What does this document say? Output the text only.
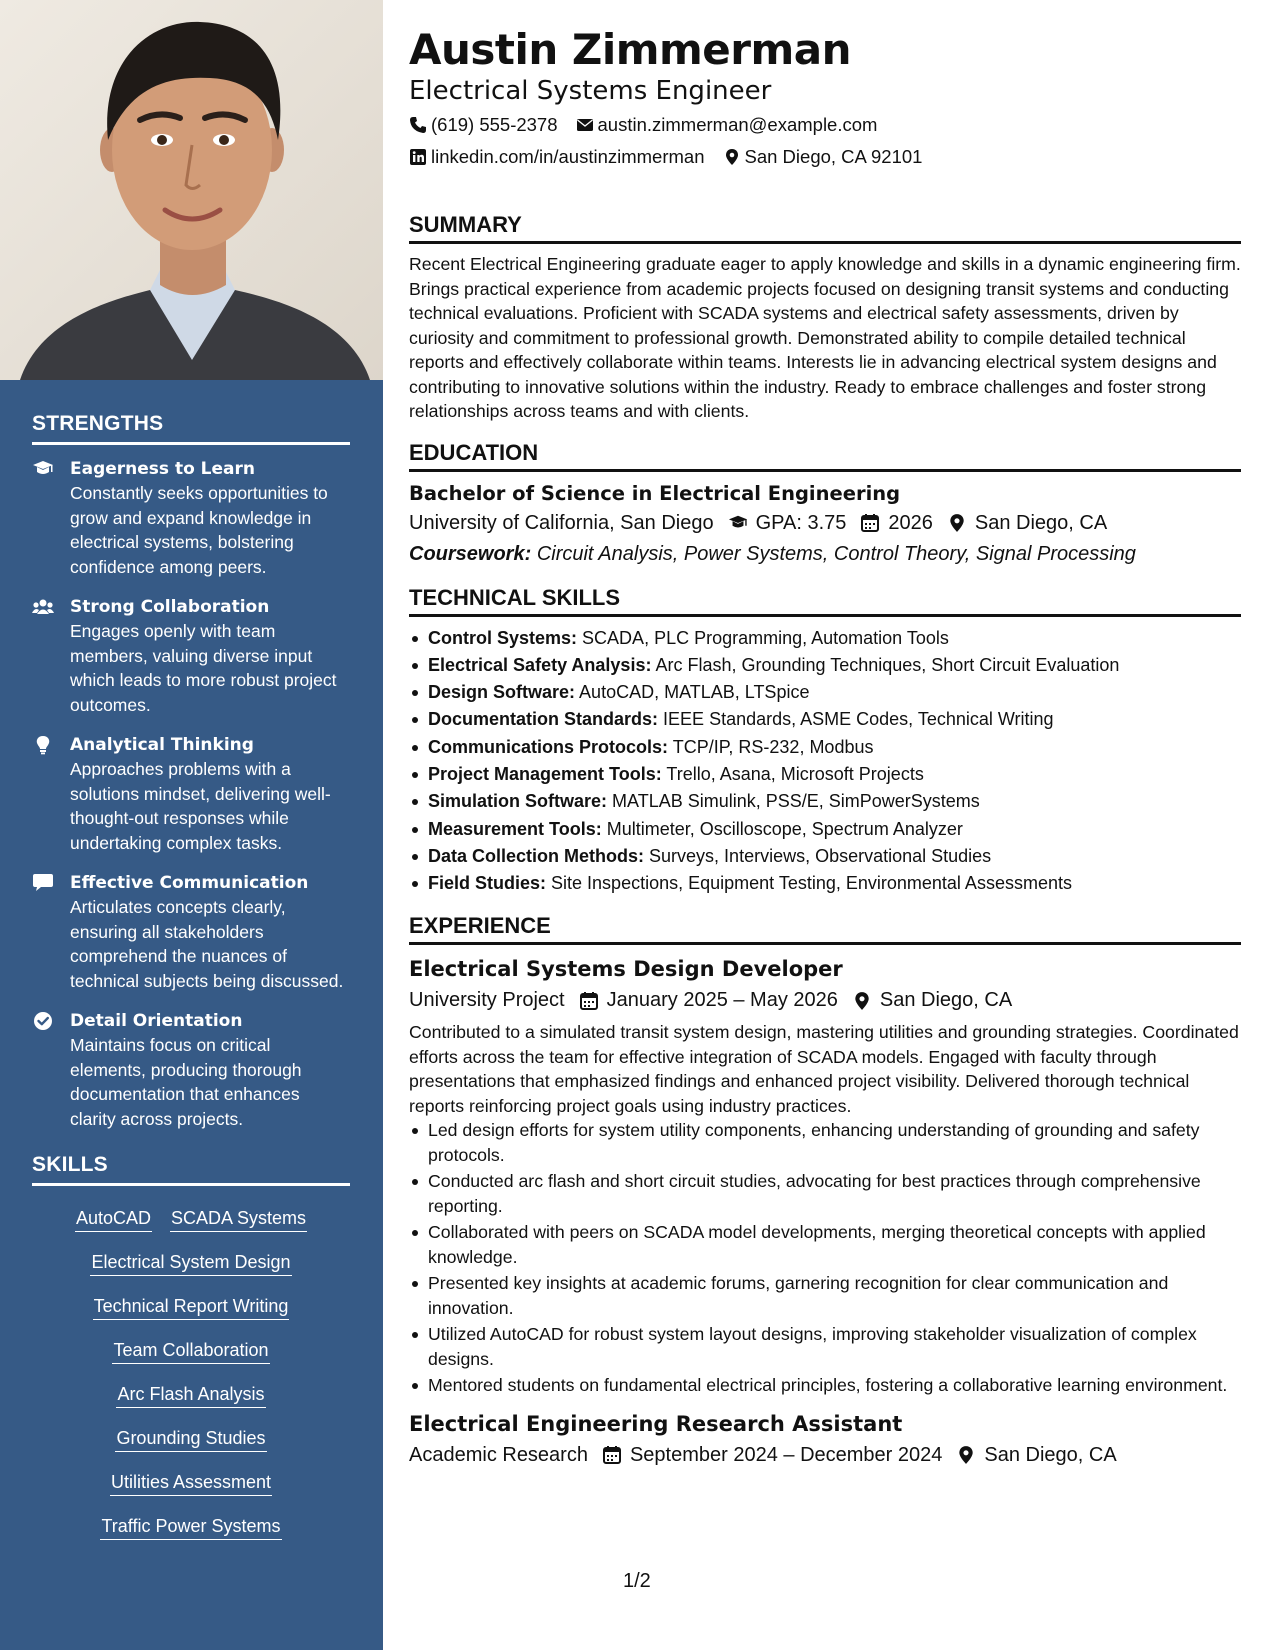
STRENGTHS
Eagerness to Learn
Constantly seeks opportunities to grow and expand knowledge in electrical systems, bolstering confidence among peers.
Strong Collaboration
Engages openly with team members, valuing diverse input which leads to more robust project outcomes.
Analytical Thinking
Approaches problems with a solutions mindset, delivering well-thought-out responses while undertaking complex tasks.
Effective Communication
Articulates concepts clearly, ensuring all stakeholders comprehend the nuances of technical subjects being discussed.
Detail Orientation
Maintains focus on critical elements, producing thorough documentation that enhances clarity across projects.
SKILLS
AutoCAD SCADA Systems
Electrical System Design
Technical Report Writing
Team Collaboration
Arc Flash Analysis
Grounding Studies
Utilities Assessment
Traffic Power Systems
Austin Zimmerman
Electrical Systems Engineer
(619) 555-2378 austin.zimmerman@example.com
linkedin.com/in/austinzimmerman San Diego, CA 92101
SUMMARY
Recent Electrical Engineering graduate eager to apply knowledge and skills in a dynamic engineering firm. Brings practical experience from academic projects focused on designing transit systems and conducting technical evaluations. Proficient with SCADA systems and electrical safety assessments, driven by curiosity and commitment to professional growth. Demonstrated ability to compile detailed technical reports and effectively collaborate within teams. Interests lie in advancing electrical system designs and contributing to innovative solutions within the industry. Ready to embrace challenges and foster strong relationships across teams and with clients.
EDUCATION
Bachelor of Science in Electrical Engineering
University of California, San Diego GPA: 3.75 2026 San Diego, CA
Coursework: Circuit Analysis, Power Systems, Control Theory, Signal Processing
TECHNICAL SKILLS
Control Systems: SCADA, PLC Programming, Automation Tools
Electrical Safety Analysis: Arc Flash, Grounding Techniques, Short Circuit Evaluation
Design Software: AutoCAD, MATLAB, LTSpice
Documentation Standards: IEEE Standards, ASME Codes, Technical Writing
Communications Protocols: TCP/IP, RS-232, Modbus
Project Management Tools: Trello, Asana, Microsoft Projects
Simulation Software: MATLAB Simulink, PSS/E, SimPowerSystems
Measurement Tools: Multimeter, Oscilloscope, Spectrum Analyzer
Data Collection Methods: Surveys, Interviews, Observational Studies
Field Studies: Site Inspections, Equipment Testing, Environmental Assessments
EXPERIENCE
Electrical Systems Design Developer
University Project January 2025 – May 2026 San Diego, CA
Contributed to a simulated transit system design, mastering utilities and grounding strategies. Coordinated efforts across the team for effective integration of SCADA models. Engaged with faculty through presentations that emphasized findings and enhanced project visibility. Delivered thorough technical reports reinforcing project goals using industry practices.
Led design efforts for system utility components, enhancing understanding of grounding and safety protocols.
Conducted arc flash and short circuit studies, advocating for best practices through comprehensive reporting.
Collaborated with peers on SCADA model developments, merging theoretical concepts with applied knowledge.
Presented key insights at academic forums, garnering recognition for clear communication and innovation.
Utilized AutoCAD for robust system layout designs, improving stakeholder visualization of complex designs.
Mentored students on fundamental electrical principles, fostering a collaborative learning environment.
Electrical Engineering Research Assistant
Academic Research September 2024 – December 2024 San Diego, CA
1/2
